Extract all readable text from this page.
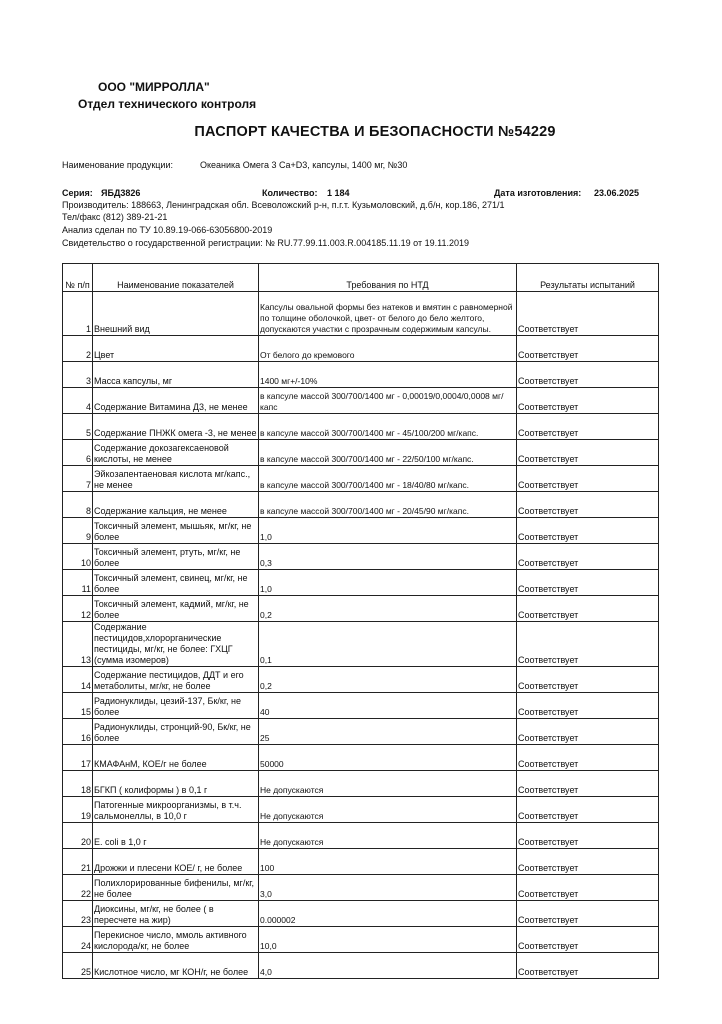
ООО "МИРРОЛЛА"
Отдел технического контроля
ПАСПОРТ КАЧЕСТВА И БЕЗОПАСНОСТИ №54229
Наименование продукции:	Океаника Омега 3 Ca+D3, капсулы, 1400 мг, №30
Серия: ЯБД3826	Количество: 1 184	Дата изготовления: 23.06.2025
Производитель: 188663, Ленинградская обл. Всеволожский р-н, п.г.т. Кузьмоловский, д.б/н, кор.186, 271/1
Тел/факс (812) 389-21-21
Анализ сделан по ТУ 10.89.19-066-63056800-2019
Свидетельство о государственной регистрации: № RU.77.99.11.003.R.004185.11.19 от 19.11.2019
№ п/п	Наименование показателей	Требования по НТД	Результаты испытаний
1	Внешний вид	Капсулы овальной формы без натеков и вмятин с равномерной по толщине оболочкой, цвет- от белого до бело желтого, допускаются участки с прозрачным содержимым капсулы.	Соответствует
2	Цвет	От белого до кремового	Соответствует
3	Масса капсулы, мг	1400 мг+/-10%	Соответствует
4	Содержание Витамина Д3, не менее	в капсуле массой 300/700/1400 мг - 0,00019/0,0004/0,0008 мг/капс	Соответствует
5	Содержание ПНЖК омега -3, не менее	в капсуле массой 300/700/1400 мг - 45/100/200 мг/капс.	Соответствует
6	Содержание докозагексаеновой кислоты, не менее	в капсуле массой 300/700/1400 мг - 22/50/100 мг/капс.	Соответствует
7	Эйкозапентаеновая кислота мг/капс., не менее	в капсуле массой 300/700/1400 мг - 18/40/80 мг/капс.	Соответствует
8	Содержание кальция, не менее	в капсуле массой 300/700/1400 мг - 20/45/90 мг/капс.	Соответствует
9	Токсичный элемент, мышьяк, мг/кг, не более	1,0	Соответствует
10	Токсичный элемент, ртуть, мг/кг, не более	0,3	Соответствует
11	Токсичный элемент, свинец, мг/кг, не более	1,0	Соответствует
12	Токсичный элемент, кадмий, мг/кг, не более	0,2	Соответствует
13	Содержание пестицидов,хлорорганические пестициды, мг/кг, не более: ГХЦГ (сумма изомеров)	0,1	Соответствует
14	Содержание пестицидов, ДДТ и его метаболиты, мг/кг, не более	0,2	Соответствует
15	Радионуклиды, цезий-137, Бк/кг, не более	40	Соответствует
16	Радионуклиды, стронций-90, Бк/кг, не более	25	Соответствует
17	КМАФАнМ, КОЕ/г не более	50000	Соответствует
18	БГКП ( колиформы ) в 0,1 г	Не допускаются	Соответствует
19	Патогенные микроорганизмы, в т.ч. сальмонеллы, в 10,0 г	Не допускаются	Соответствует
20	E. coli в 1,0 г	Не допускаются	Соответствует
21	Дрожжи и плесени КОЕ/ г, не более	100	Соответствует
22	Полихлорированные бифенилы, мг/кг, не более	3,0	Соответствует
23	Диоксины, мг/кг, не более ( в пересчете на жир)	0.000002	Соответствует
24	Перекисное число, ммоль активного кислорода/кг, не более	10,0	Соответствует
25	Кислотное число, мг КОН/г, не более	4,0	Соответствует
